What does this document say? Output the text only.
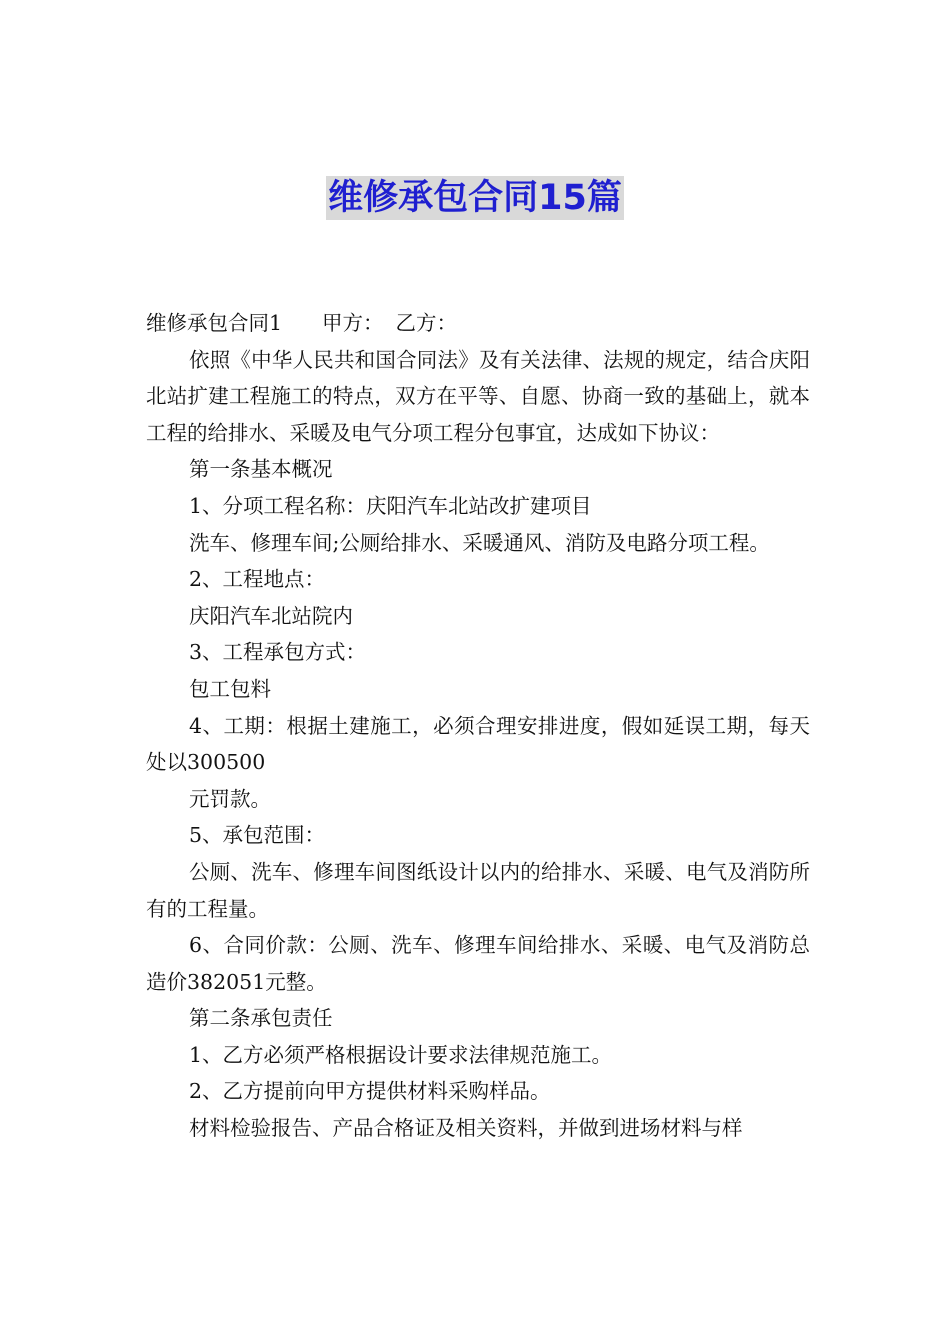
维修承包合同15篇

维修承包合同1 甲方： 乙方：

依照《中华人民共和国合同法》及有关法律、法规的规定，结合庆阳北站扩建工程施工的特点，双方在平等、自愿、协商一致的基础上，就本工程的给排水、采暖及电气分项工程分包事宜，达成如下协议：

第一条基本概况

1、分项工程名称：庆阳汽车北站改扩建项目

洗车、修理车间;公厕给排水、采暖通风、消防及电路分项工程。

2、工程地点：

庆阳汽车北站院内

3、工程承包方式：

包工包料

4、工期：根据土建施工，必须合理安排进度，假如延误工期，每天处以300500

元罚款。

5、承包范围：

公厕、洗车、修理车间图纸设计以内的给排水、采暖、电气及消防所有的工程量。

6、合同价款：公厕、洗车、修理车间给排水、采暖、电气及消防总造价382051元整。

第二条承包责任

1、乙方必须严格根据设计要求法律规范施工。

2、乙方提前向甲方提供材料采购样品。

材料检验报告、产品合格证及相关资料，并做到进场材料与样
